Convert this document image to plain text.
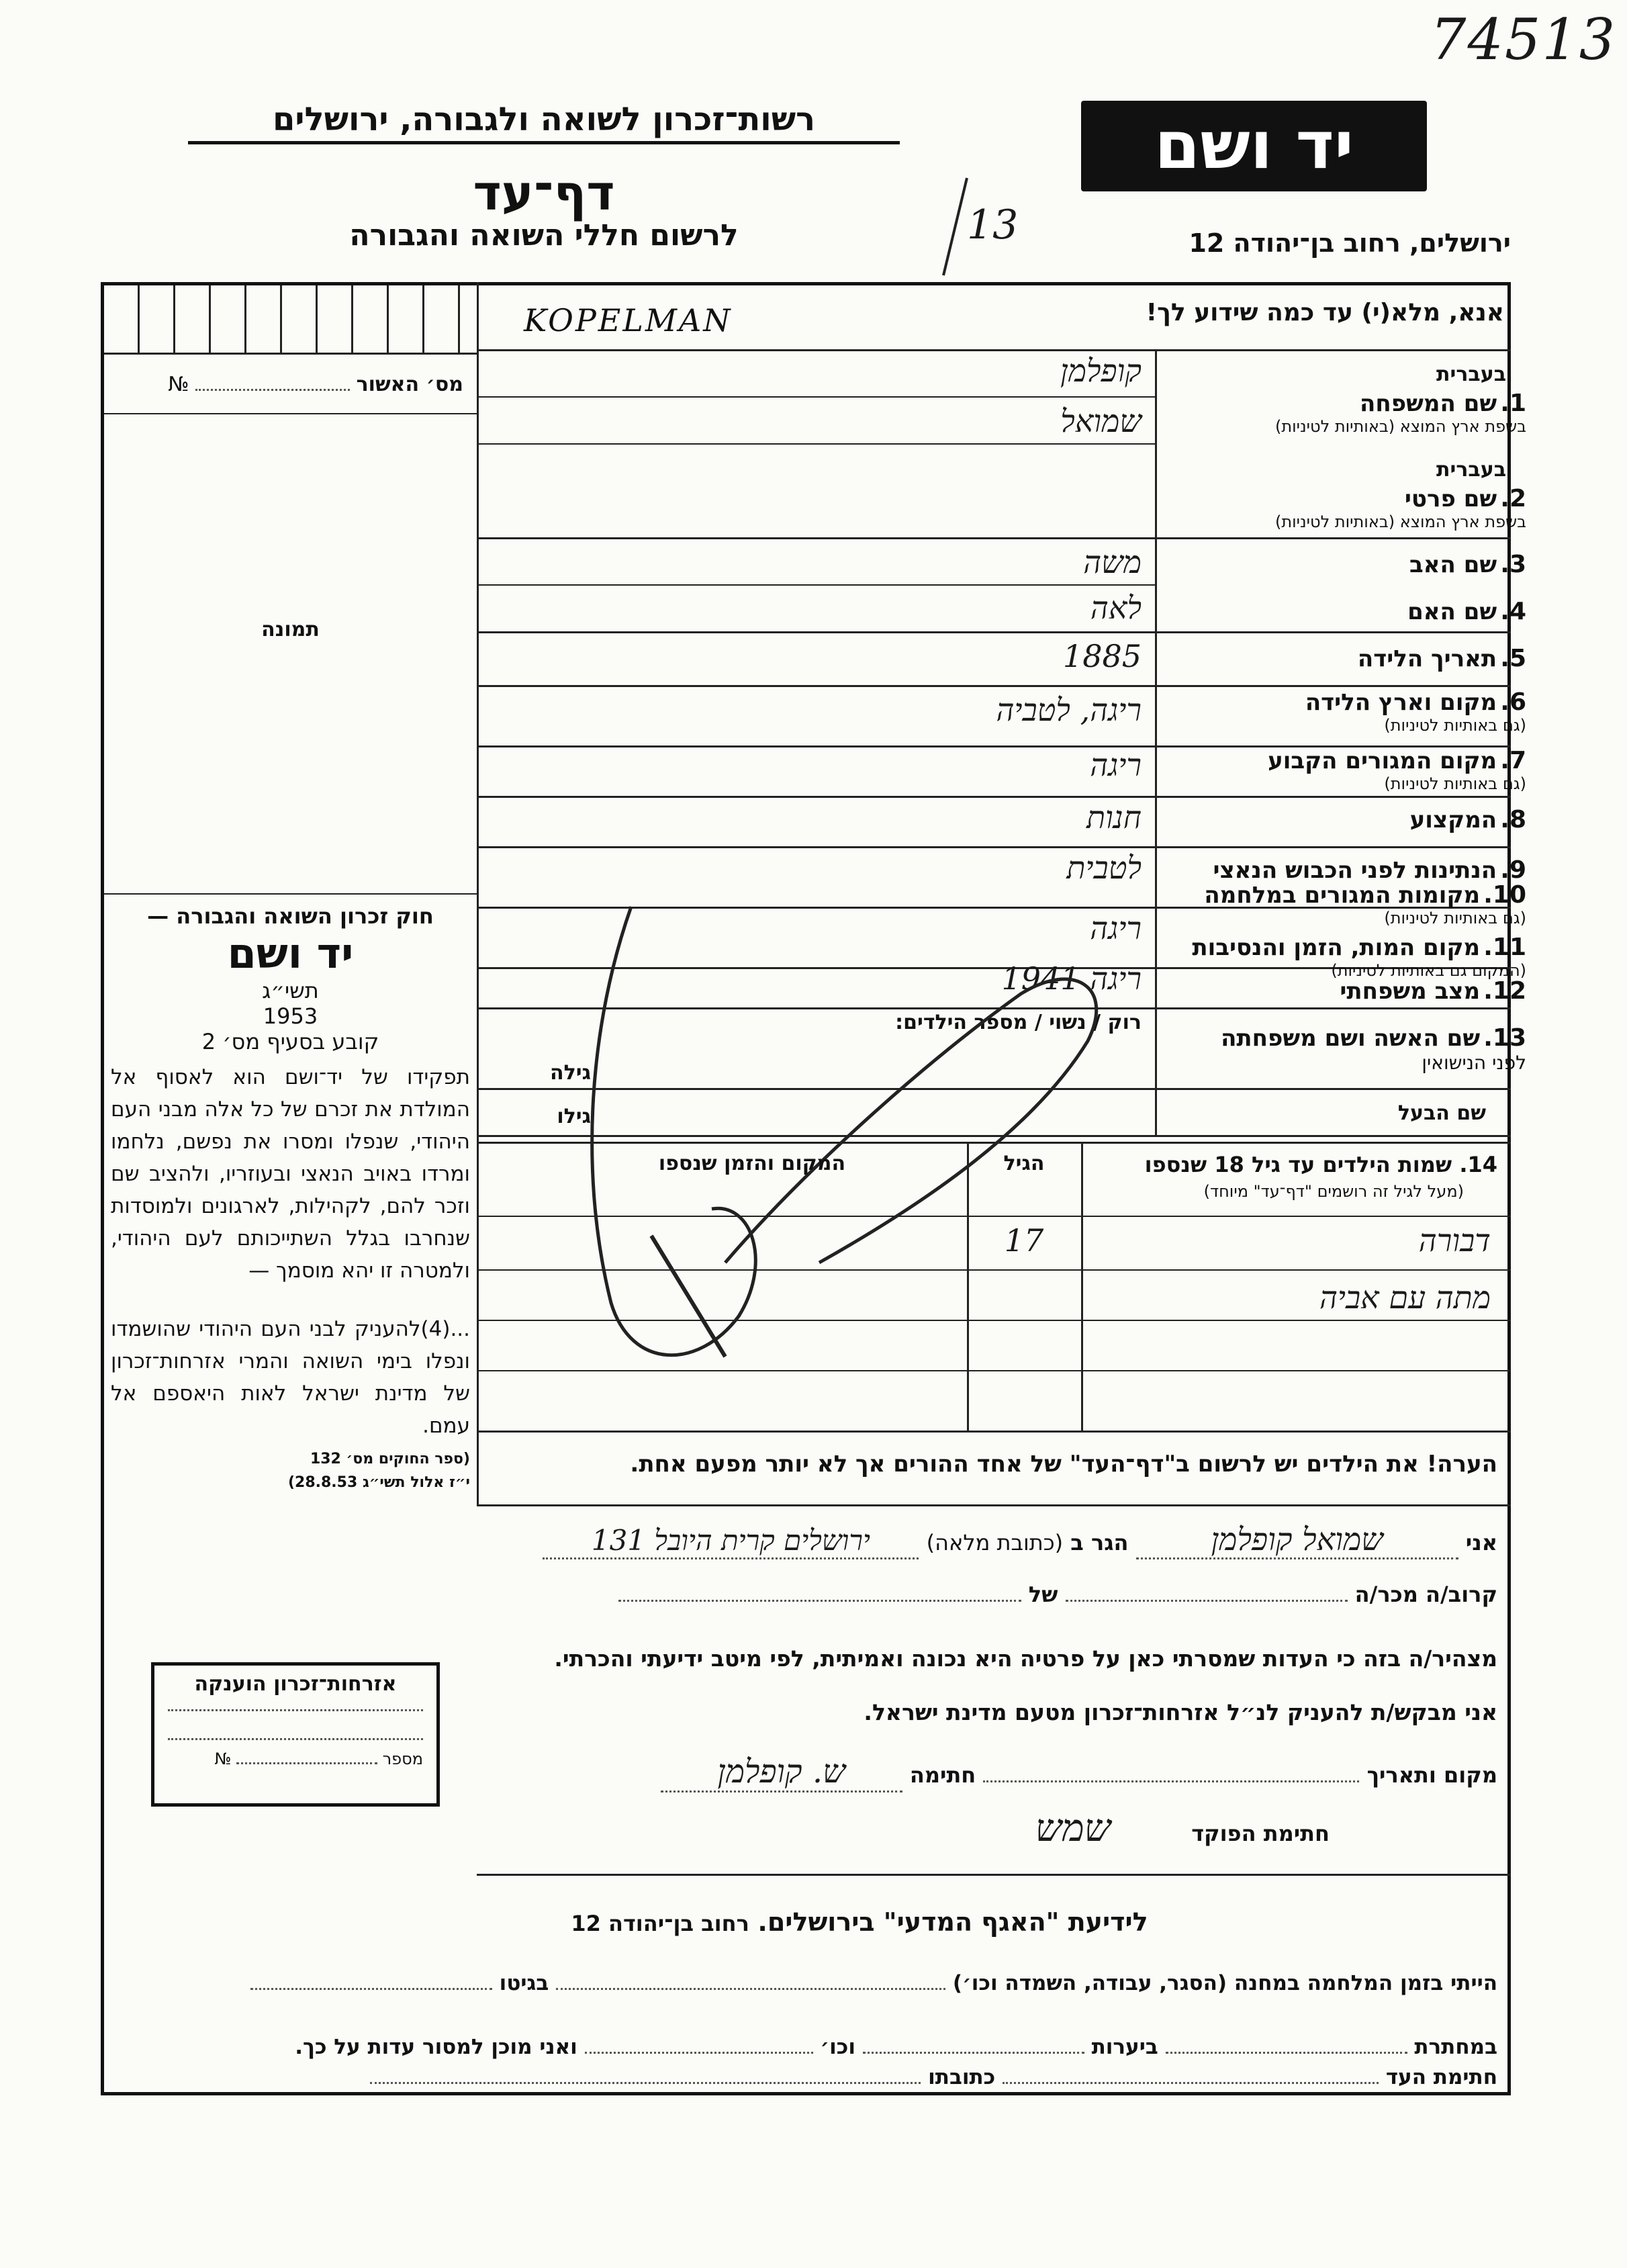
74513
רשות־זכרון לשואה ולגבורה, ירושלים
דף־עד
לרשום חללי השואה והגבורה
יד ושם
ירושלים, רחוב בן־יהודה 12
13
מס׳ האשור  №
תמונה
חוק זכרון השואה והגבורה —
יד ושם
תשי״ג
1953
קובע בסעיף מס׳ 2
תפקידו של יד־ושם הוא לאסוף אל המולדת את זכרם של כל אלה מבני העם היהודי, שנפלו ומסרו את נפשם, נלחמו ומרדו באויב הנאצי ובעוזריו, ולהציב שם וזכר להם, לקהילות, לארגונים ולמוסדות שנחרבו בגלל השתייכותם לעם היהודי, ולמטרה זו יהא מוסמך —
...(4)להעניק לבני העם היהודי שהושמדו ונפלו בימי השואה והמרי אזרחות־זכרון של מדינת ישראל לאות היאספם אל עמם.
(ספר החוקים מס׳ 132
י״ז אלול תשי״ג 28.8.53)
אזרחות־זכרון הוענקה
מספר  №
KOPELMAN	אנא, מלא(י) עד כמה שידוע לך!
בעברית
1. שם המשפחה
בשפת ארץ המוצא (באותיות לטיניות)
בעברית
2. שם פרטי
בשפת ארץ המוצא (באותיות לטיניות)
3. שם האב
4. שם האם
5. תאריך הלידה
6. מקום וארץ הלידה
(גם באותיות לטיניות)
7. מקום המגורים הקבוע
(גם באותיות לטיניות)
8. המקצוע
9. הנתינות לפני הכבוש הנאצי
10. מקומות המגורים במלחמה
(גם באותיות לטיניות)
11. מקום המות, הזמן והנסיבות
(המקום גם באותיות לטיניות)
12. מצב משפחתי
13. שם האשה ושם משפחתה
לפני הנישואין
שם הבעל
רוק / נשוי / מספר הילדים:
גילה
גילו
קופלמן
שמואל
משה
לאה
1885
ריגה, לטביה
ריגה
חנות
לטבית
ריגה
ריגה 1941
14. שמות הילדים עד גיל 18 שנספו
(מעל לגיל זה רושמים "דף־עד" מיוחד)
הגיל
המקום והזמן שנספו
דבורה
מתה עם אביה
17
הערה! את הילדים יש לרשום ב"דף־העד" של אחד ההורים אך לא יותר מפעם אחת.
אני שמואל קופלמן הגר ב (כתובת מלאה) ירושלים קרית היובל 131
קרוב/ה מכר/ה  של
מצהיר/ה בזה כי העדות שמסרתי כאן על פרטיה היא נכונה ואמיתית, לפי מיטב ידיעתי והכרתי.
אני מבקש/ת להעניק לנ״ל אזרחות־זכרון מטעם מדינת ישראל.
מקום ותאריך  חתימה ש. קופלמן
חתימת הפוקד שמש
לידיעת "האגף המדעי" בירושלים. רחוב בן־יהודה 12
הייתי בזמן המלחמה במחנה (הסגר, עבודה, השמדה וכו׳)  בגיטו
במחתרת  ביערות  וכו׳  ואני מוכן למסור עדות על כך.
חתימת העד  כתובתו
